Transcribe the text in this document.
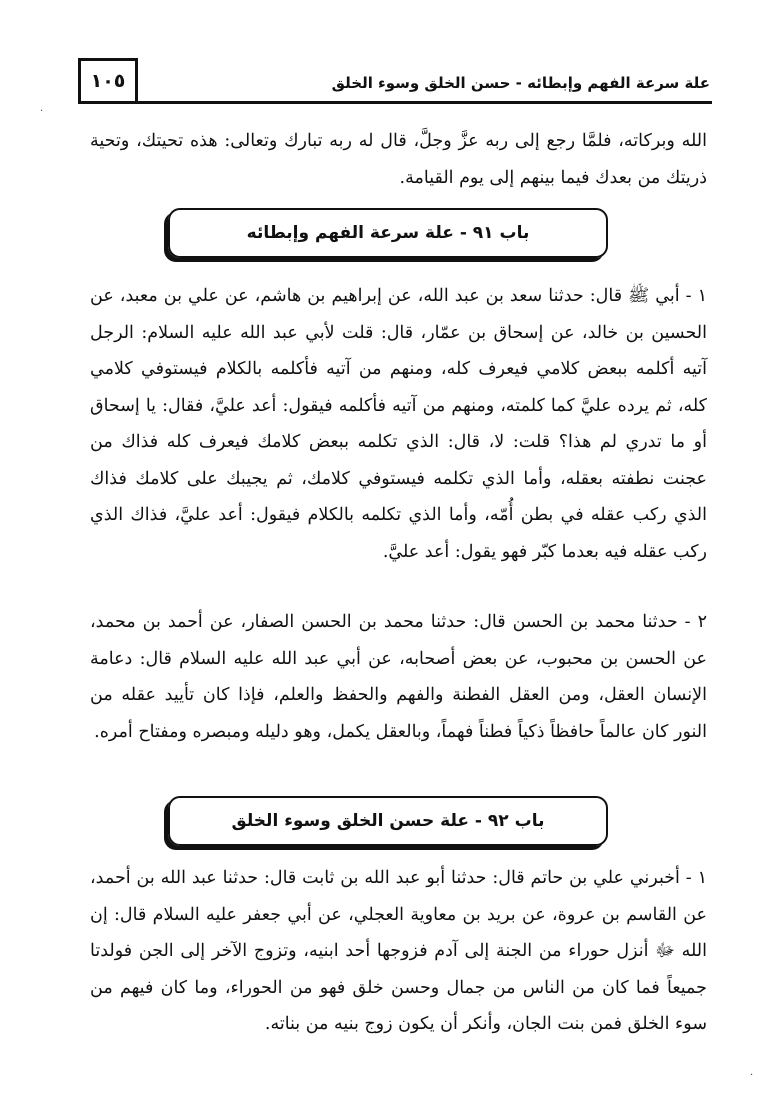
١٠٥	علة سرعة الفهم وإبطائه - حسن الخلق وسوء الخلق
الله وبركاته، فلمَّا رجع إلى ربه عزَّ وجلَّ، قال له ربه تبارك وتعالى: هذه تحيتك، وتحية ذريتك من بعدك فيما بينهم إلى يوم القيامة.
باب ٩١ - علة سرعة الفهم وإبطائه
١ - أبي ﷺ قال: حدثنا سعد بن عبد الله، عن إبراهيم بن هاشم، عن علي بن معبد، عن الحسين بن خالد، عن إسحاق بن عمّار، قال: قلت لأبي عبد الله عليه السلام: الرجل آتيه أكلمه ببعض كلامي فيعرف كله، ومنهم من آتيه فأكلمه بالكلام فيستوفي كلامي كله، ثم يرده عليَّ كما كلمته، ومنهم من آتيه فأكلمه فيقول: أعد عليَّ، فقال: يا إسحاق أو ما تدري لم هذا؟ قلت: لا، قال: الذي تكلمه ببعض كلامك فيعرف كله فذاك من عجنت نطفته بعقله، وأما الذي تكلمه فيستوفي كلامك، ثم يجيبك على كلامك فذاك الذي ركب عقله في بطن أُمّه، وأما الذي تكلمه بالكلام فيقول: أعد عليَّ، فذاك الذي ركب عقله فيه بعدما كبّر فهو يقول: أعد عليَّ.
٢ - حدثنا محمد بن الحسن قال: حدثنا محمد بن الحسن الصفار، عن أحمد بن محمد، عن الحسن بن محبوب، عن بعض أصحابه، عن أبي عبد الله عليه السلام قال: دعامة الإنسان العقل، ومن العقل الفطنة والفهم والحفظ والعلم، فإذا كان تأييد عقله من النور كان عالماً حافظاً ذكياً فطناً فهماً، وبالعقل يكمل، وهو دليله ومبصره ومفتاح أمره.
باب ٩٢ - علة حسن الخلق وسوء الخلق
١ - أخبرني علي بن حاتم قال: حدثنا أبو عبد الله بن ثابت قال: حدثنا عبد الله بن أحمد، عن القاسم بن عروة، عن بريد بن معاوية العجلي، عن أبي جعفر عليه السلام قال: إن الله ﷻ أنزل حوراء من الجنة إلى آدم فزوجها أحد ابنيه، وتزوج الآخر إلى الجن فولدتا جميعاً فما كان من الناس من جمال وحسن خلق فهو من الحوراء، وما كان فيهم من سوء الخلق فمن بنت الجان، وأنكر أن يكون زوج بنيه من بناته.
·
·
